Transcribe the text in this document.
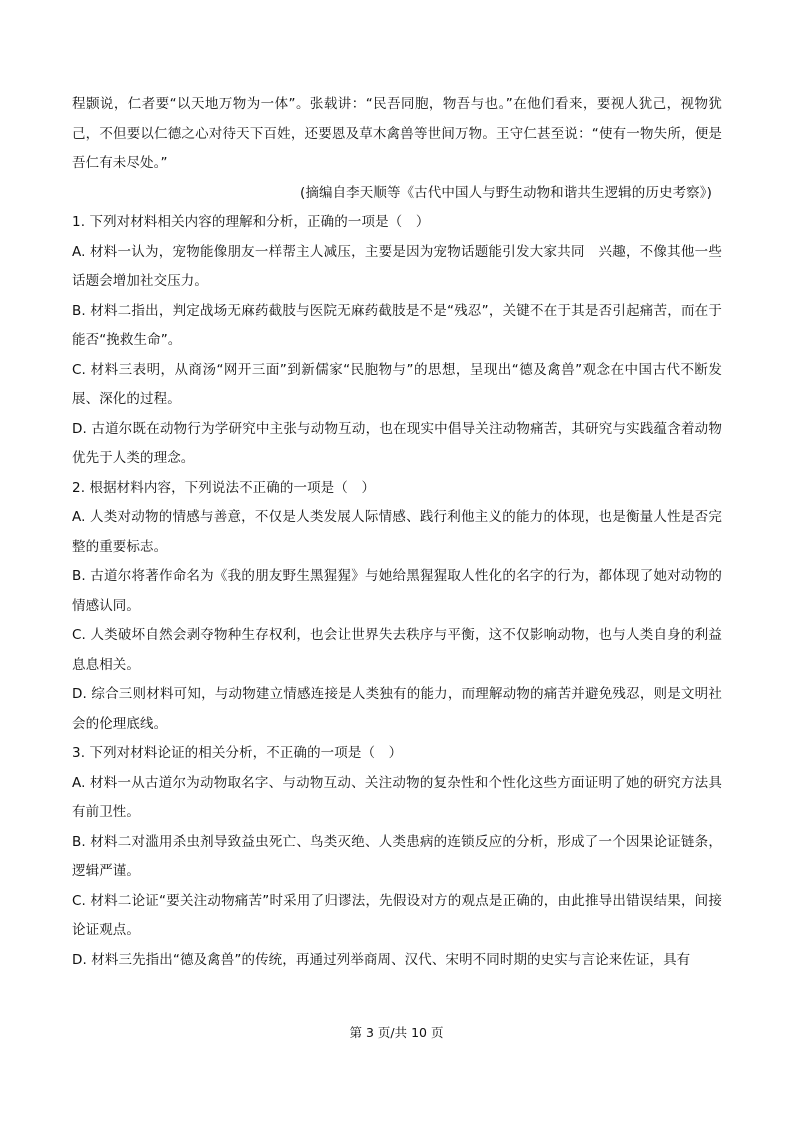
程颢说，仁者要“以天地万物为一体”。张载讲：“民吾同胞，物吾与也。”在他们看来，要视人犹己，视物犹己，不但要以仁德之心对待天下百姓，还要恩及草木禽兽等世间万物。王守仁甚至说：“使有一物失所，便是吾仁有未尽处。”

(摘编自李天顺等《古代中国人与野生动物和谐共生逻辑的历史考察》)

1. 下列对材料相关内容的理解和分析，正确的一项是（　）

A. 材料一认为，宠物能像朋友一样帮主人减压，主要是因为宠物话题能引发大家共同　兴趣，不像其他一些话题会增加社交压力。

B. 材料二指出，判定战场无麻药截肢与医院无麻药截肢是不是“残忍”，关键不在于其是否引起痛苦，而在于能否“挽救生命”。

C. 材料三表明，从商汤“网开三面”到新儒家“民胞物与”的思想，呈现出“德及禽兽”观念在中国古代不断发展、深化的过程。

D. 古道尔既在动物行为学研究中主张与动物互动，也在现实中倡导关注动物痛苦，其研究与实践蕴含着动物优先于人类的理念。

2. 根据材料内容，下列说法不正确的一项是（　）

A. 人类对动物的情感与善意，不仅是人类发展人际情感、践行利他主义的能力的体现，也是衡量人性是否完整的重要标志。

B. 古道尔将著作命名为《我的朋友野生黑猩猩》与她给黑猩猩取人性化的名字的行为，都体现了她对动物的情感认同。

C. 人类破坏自然会剥夺物种生存权利，也会让世界失去秩序与平衡，这不仅影响动物，也与人类自身的利益息息相关。

D. 综合三则材料可知，与动物建立情感连接是人类独有的能力，而理解动物的痛苦并避免残忍，则是文明社会的伦理底线。

3. 下列对材料论证的相关分析，不正确的一项是（　）

A. 材料一从古道尔为动物取名字、与动物互动、关注动物的复杂性和个性化这些方面证明了她的研究方法具有前卫性。

B. 材料二对滥用杀虫剂导致益虫死亡、鸟类灭绝、人类患病的连锁反应的分析，形成了一个因果论证链条，逻辑严谨。

C. 材料二论证“要关注动物痛苦”时采用了归谬法，先假设对方的观点是正确的，由此推导出错误结果，间接论证观点。

D. 材料三先指出“德及禽兽”的传统，再通过列举商周、汉代、宋明不同时期的史实与言论来佐证，具有

第 3 页/共 10 页
